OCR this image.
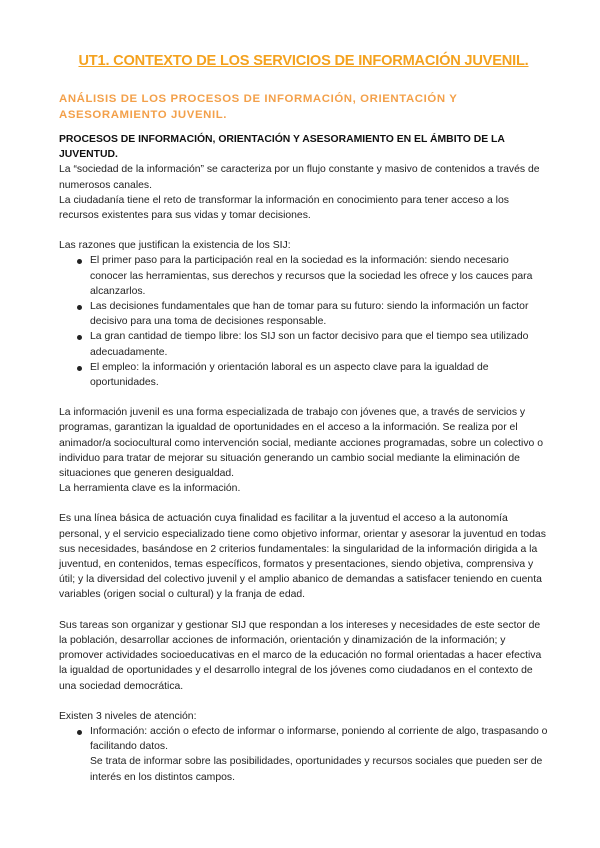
UT1. CONTEXTO DE LOS SERVICIOS DE INFORMACIÓN JUVENIL.
ANÁLISIS DE LOS PROCESOS DE INFORMACIÓN, ORIENTACIÓN Y ASESORAMIENTO JUVENIL.
PROCESOS DE INFORMACIÓN, ORIENTACIÓN Y ASESORAMIENTO EN EL ÁMBITO DE LA JUVENTUD.

La “sociedad de la información” se caracteriza por un flujo constante y masivo de contenidos a través de numerosos canales.

La ciudadanía tiene el reto de transformar la información en conocimiento para tener acceso a los recursos existentes para sus vidas y tomar decisiones.

Las razones que justifican la existencia de los SIJ:

El primer paso para la participación real en la sociedad es la información: siendo necesario conocer las herramientas, sus derechos y recursos que la sociedad les ofrece y los cauces para alcanzarlos.
Las decisiones fundamentales que han de tomar para su futuro: siendo la información un factor decisivo para una toma de decisiones responsable.
La gran cantidad de tiempo libre: los SIJ son un factor decisivo para que el tiempo sea utilizado adecuadamente.
El empleo: la información y orientación laboral es un aspecto clave para la igualdad de oportunidades.

La información juvenil es una forma especializada de trabajo con jóvenes que, a través de servicios y programas, garantizan la igualdad de oportunidades en el acceso a la información. Se realiza por el animador/a sociocultural como intervención social, mediante acciones programadas, sobre un colectivo o individuo para tratar de mejorar su situación generando un cambio social mediante la eliminación de situaciones que generen desigualdad.

La herramienta clave es la información.

Es una línea básica de actuación cuya finalidad es facilitar a la juventud el acceso a la autonomía personal, y el servicio especializado tiene como objetivo informar, orientar y asesorar la juventud en todas sus necesidades, basándose en 2 criterios fundamentales: la singularidad de la información dirigida a la juventud, en contenidos, temas específicos, formatos y presentaciones, siendo objetiva, comprensiva y útil; y la diversidad del colectivo juvenil y el amplio abanico de demandas a satisfacer teniendo en cuenta variables (origen social o cultural) y la franja de edad.

Sus tareas son organizar y gestionar SIJ que respondan a los intereses y necesidades de este sector de la población, desarrollar acciones de información, orientación y dinamización de la información; y promover actividades socioeducativas en el marco de la educación no formal orientadas a hacer efectiva la igualdad de oportunidades y el desarrollo integral de los jóvenes como ciudadanos en el contexto de una sociedad democrática.

Existen 3 niveles de atención:

Información: acción o efecto de informar o informarse, poniendo al corriente de algo, traspasando o facilitando datos.
Se trata de informar sobre las posibilidades, oportunidades y recursos sociales que pueden ser de interés en los distintos campos.
